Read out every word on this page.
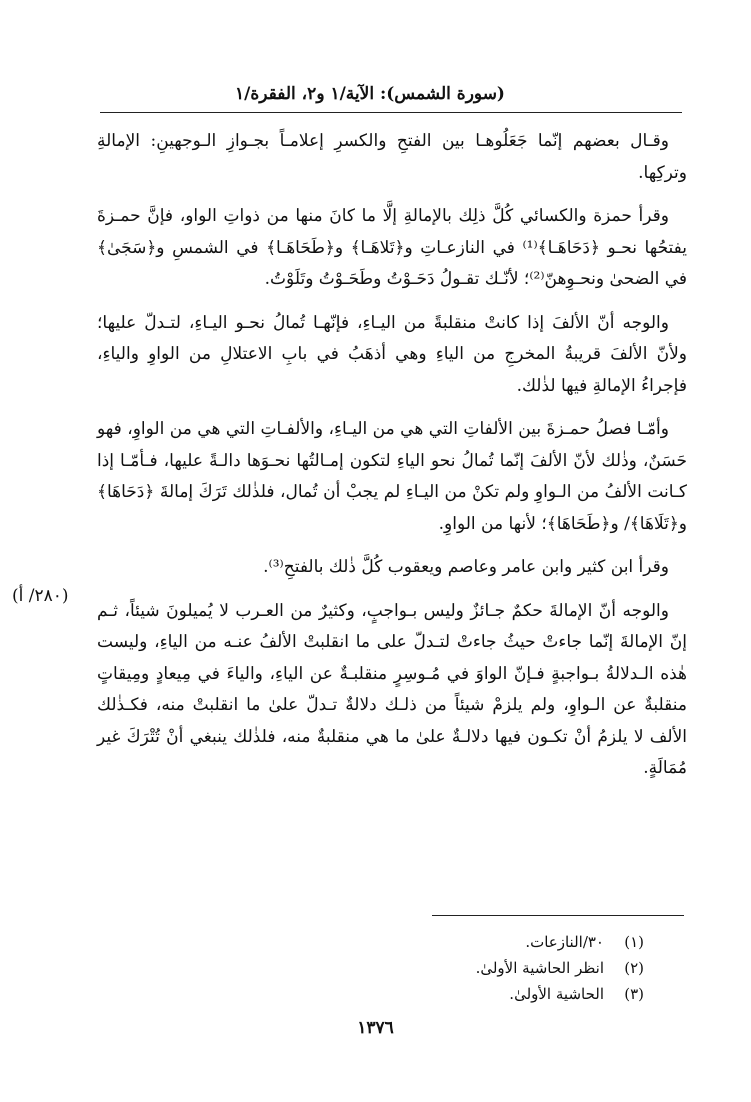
(سورة الشمس): الآية/١ و٢، الفقرة/١

وقـال بعضهم إنّما جَعَلُوهـا بين الفتحِ والكسرِ إعلامـاً بجـوازِ الـوجهينِ: الإمالةِ وتركِها.

وقرأ حمزة والكسائي كُلَّ ذلِك بالإمالةِ إلَّا ما كانَ منها من ذواتِ الواو، فإنَّ حمـزةَ يفتحُها نحـو ﴿دَحَاهَـا﴾⁽¹⁾ في النازعـاتِ و﴿تَلاهَـا﴾ و﴿طَحَاهَـا﴾ في الشمسِ و﴿سَجَىٰ﴾ في الضحىٰ ونحـوِهنّ⁽²⁾؛ لأنّـك تقـولُ دَحَـوْتُ وطَحَـوْتُ وتَلَوْتُ.

والوجه أنّ الألفَ إذا كانتْ منقلبةً من اليـاءِ، فإنّهـا تُمالُ نحـو اليـاءِ، لتـدلّ عليها؛ ولأنّ الألفَ قريبةُ المخرجِ من الياءِ وهي أذهَبُ في بابِ الاعتلالِ من الواوِ والياءِ، فإجراءُ الإمالةِ فيها لذٰلك.

وأمّـا فصلُ حمـزةَ بين الألفاتِ التي هي من اليـاءِ، والألفـاتِ التي هي من الواوِ، فهو حَسَنٌ، وذٰلك لأنّ الألفَ إنّما تُمالُ نحو الياءِ لتكون إمـالتُها نحـوَها دالـةً عليها، فـأمّـا إذا كـانت الألفُ من الـواوِ ولم تكنْ من اليـاءِ لم يجبْ أن تُمال، فلذٰلك تَرَكَ إمالةَ ﴿دَحَاهَا﴾ و﴿تَلَاهَا﴾/ و﴿طَحَاهَا﴾؛ لأنها من الواوِ.

وقرأ ابن كثير وابن عامر وعاصم ويعقوب كُلَّ ذٰلك بالفتحِ⁽³⁾.

والوجه أنّ الإمالةَ حكمٌ جـائزٌ وليس بـواجبٍ، وكثيرٌ من العـرب لا يُميلونَ شيئاً، ثـم إنّ الإمالةَ إنّما جاءتْ حيثُ جاءتْ لتـدلّ على ما انقلبتْ الألفُ عنـه من الياءِ، وليست هٰذه الـدلالةُ بـواجبةٍ فـإنّ الواوَ في مُـوسِرٍ منقلبـةٌ عن الياءِ، والياءَ في مِيعادٍ ومِيقاتٍ منقلبةٌ عن الـواوِ، ولم يلزمْ شيئاً من ذلـك دلالةٌ تـدلّ علىٰ ما انقلبتْ منه، فكـذٰلك الألف لا يلزمُ أنْ تكـون فيها دلالـةٌ علىٰ ما هي منقلبةٌ منه، فلذٰلك ينبغي أنْ تُتْرَكَ غير مُمَالَةٍ.

(٢٨٠/ أ)
(١)٣٠/النازعات.
(٢)انظر الحاشية الأولىٰ.
(٣)الحاشية الأولىٰ.
١٣٧٦
